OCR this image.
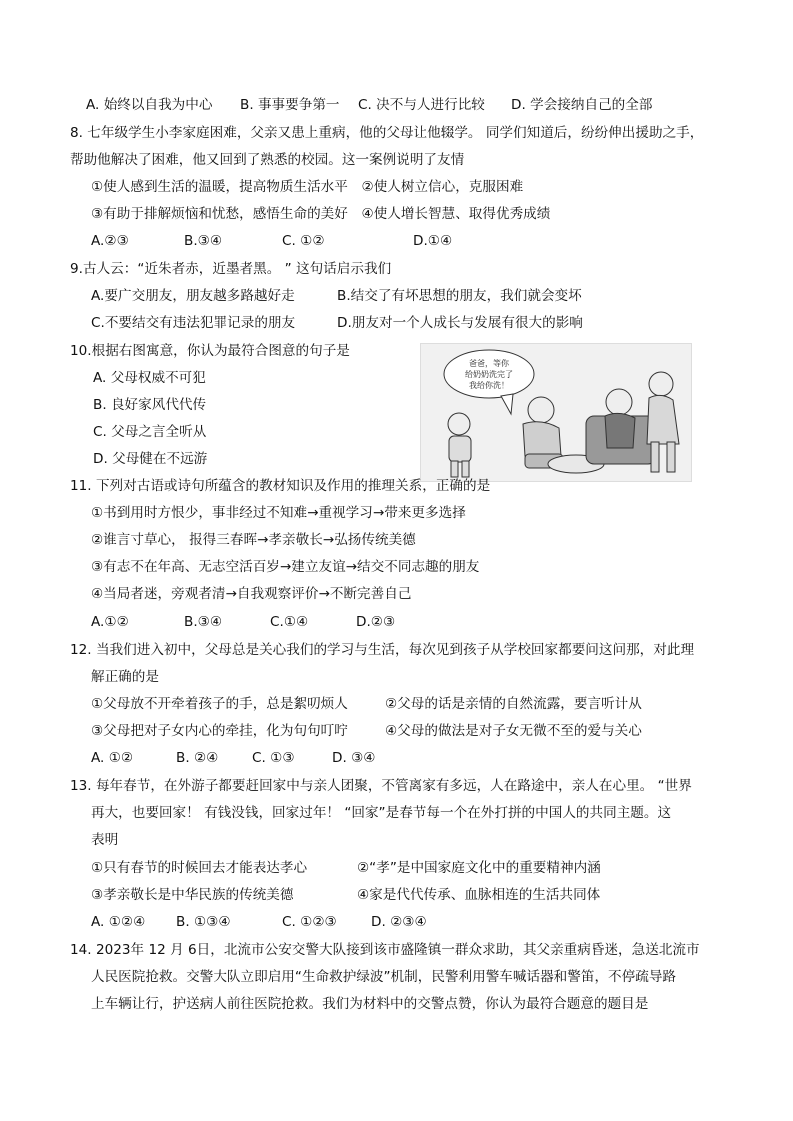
A. 始终以自我为中心 B. 事事要争第一 C. 决不与人进行比较 D. 学会接纳自己的全部
8. 七年级学生小李家庭困难，父亲又患上重病，他的父母让他辍学。 同学们知道后，纷纷伸出援助之手，
帮助他解决了困难，他又回到了熟悉的校园。这一案例说明了友情
①使人感到生活的温暖，提高物质生活水平　②使人树立信心，克服困难
③有助于排解烦恼和忧愁，感悟生命的美好　④使人增长智慧、取得优秀成绩
A.②③	B.③④	C. ①②	D.①④
9.古人云：“近朱者赤，近墨者黑。 ” 这句话启示我们
A.要广交朋友，朋友越多路越好走	B.结交了有坏思想的朋友，我们就会变坏
C.不要结交有违法犯罪记录的朋友	D.朋友对一个人成长与发展有很大的影响
10.根据右图寓意，你认为最符合图意的句子是
A. 父母权威不可犯
B. 良好家风代代传
C. 父母之言全听从
D. 父母健在不远游
爸爸，等你
给奶奶洗完了
我给你洗！
11. 下列对古语或诗句所蕴含的教材知识及作用的推理关系，正确的是
①书到用时方恨少，事非经过不知难→重视学习→带来更多选择
②谁言寸草心， 报得三春晖→孝亲敬长→弘扬传统美德
③有志不在年高、无志空活百岁→建立友谊→结交不同志趣的朋友
④当局者迷，旁观者清→自我观察评价→不断完善自己
A.①②	B.③④	C.①④	D.②③
12. 当我们进入初中，父母总是关心我们的学习与生活，每次见到孩子从学校回家都要问这问那，对此理
解正确的是
①父母放不开牵着孩子的手，总是絮叨烦人	②父母的话是亲情的自然流露，要言听计从
③父母把对子女内心的牵挂，化为句句叮咛	④父母的做法是对子女无微不至的爱与关心
A. ①②	B. ②④ C. ①③	D. ③④
13. 每年春节，在外游子都要赶回家中与亲人团聚，不管离家有多远，人在路途中，亲人在心里。 “世界
再大，也要回家！ 有钱没钱，回家过年！ “回家”是春节每一个在外打拼的中国人的共同主题。这
表明
①只有春节的时候回去才能表达孝心	②“孝”是中国家庭文化中的重要精神内涵
③孝亲敬长是中华民族的传统美德	④家是代代传承、血脉相连的生活共同体
A. ①②④ B. ①③④	C. ①②③	D. ②③④
14. 2023年 12 月 6日，北流市公安交警大队接到该市盛隆镇一群众求助，其父亲重病昏迷，急送北流市
人民医院抢救。交警大队立即启用“生命救护绿波”机制，民警利用警车喊话器和警笛，不停疏导路
上车辆让行，护送病人前往医院抢救。我们为材料中的交警点赞，你认为最符合题意的题目是
